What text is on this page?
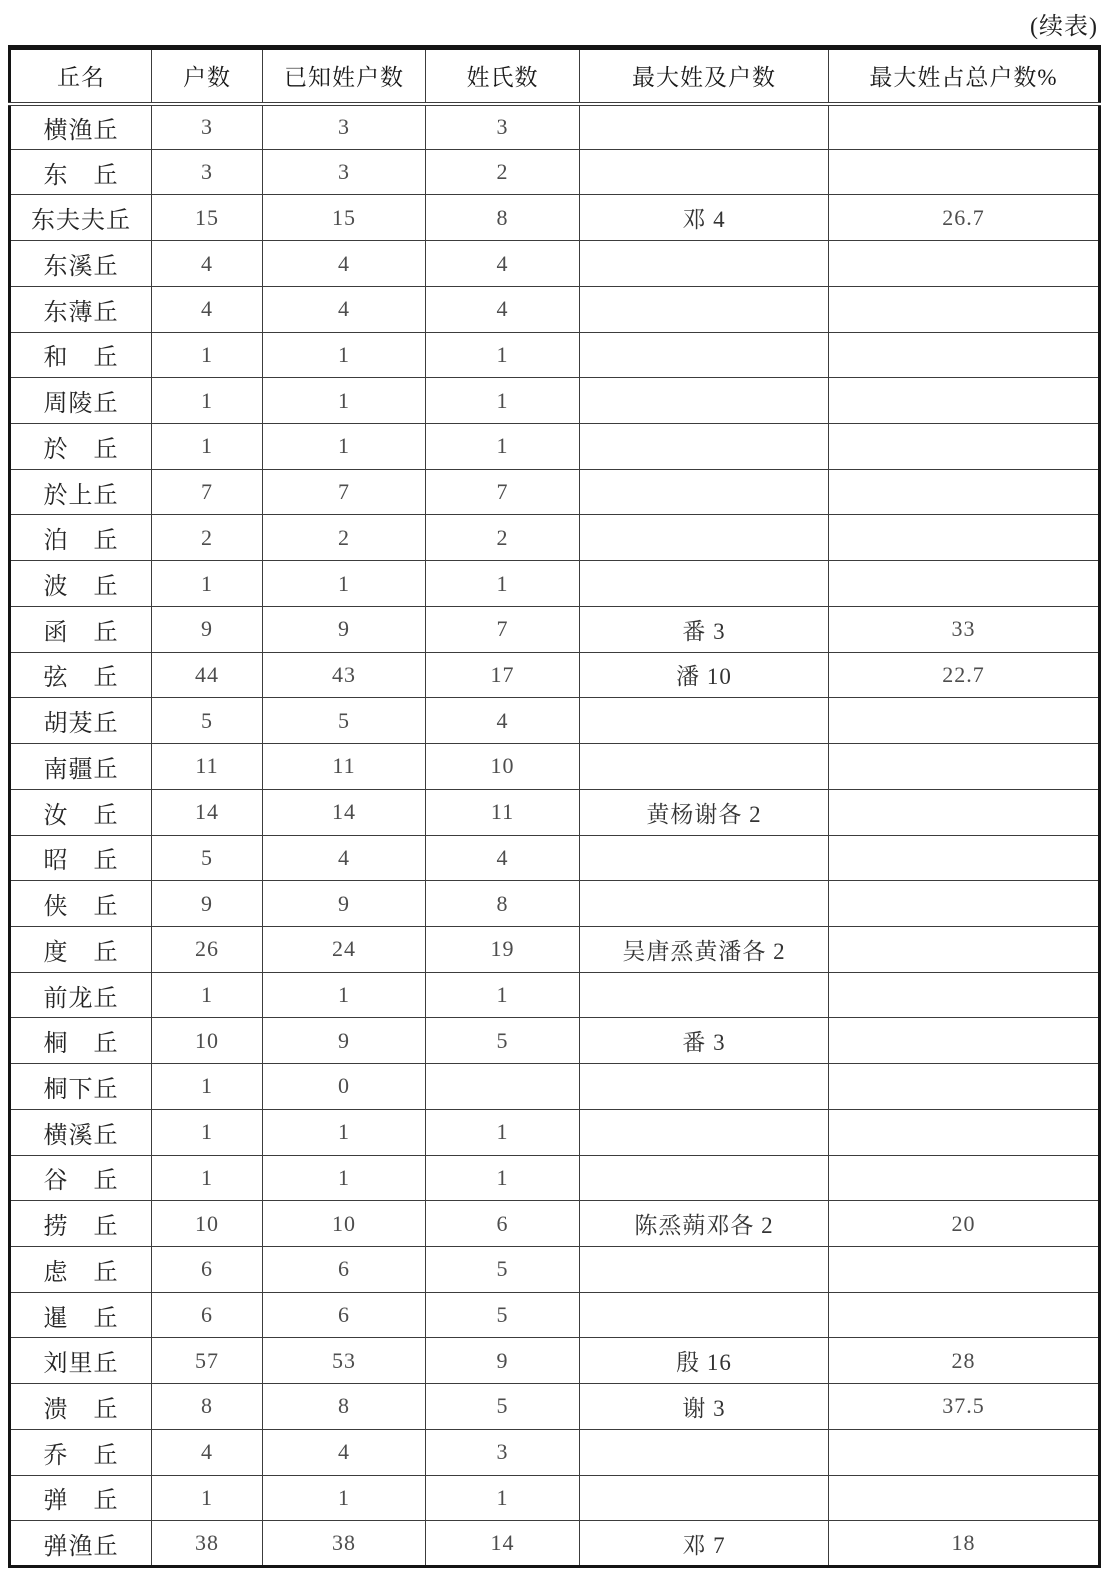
(续表)
丘名	户数	已知姓户数	姓氏数	最大姓及户数	最大姓占总户数%
横渔丘	3	3	3		
东　丘	3	3	2		
东夫夫丘	15	15	8	邓 4	26.7
东溪丘	4	4	4		
东薄丘	4	4	4		
和　丘	1	1	1		
周陵丘	1	1	1		
於　丘	1	1	1		
於上丘	7	7	7		
泊　丘	2	2	2		
波　丘	1	1	1		
函　丘	9	9	7	番 3	33
弦　丘	44	43	17	潘 10	22.7
胡茇丘	5	5	4		
南疆丘	11	11	10		
汝　丘	14	14	11	黄杨谢各 2	
昭　丘	5	4	4		
侠　丘	9	9	8		
度　丘	26	24	19	吴唐烝黄潘各 2	
前龙丘	1	1	1		
桐　丘	10	9	5	番 3	
桐下丘	1	0			
横溪丘	1	1	1		
谷　丘	1	1	1		
捞　丘	10	10	6	陈烝蒴邓各 2	20
虑　丘	6	6	5		
暹　丘	6	6	5		
刘里丘	57	53	9	殷 16	28
溃　丘	8	8	5	谢 3	37.5
乔　丘	4	4	3		
弹　丘	1	1	1		
弹渔丘	38	38	14	邓 7	18
